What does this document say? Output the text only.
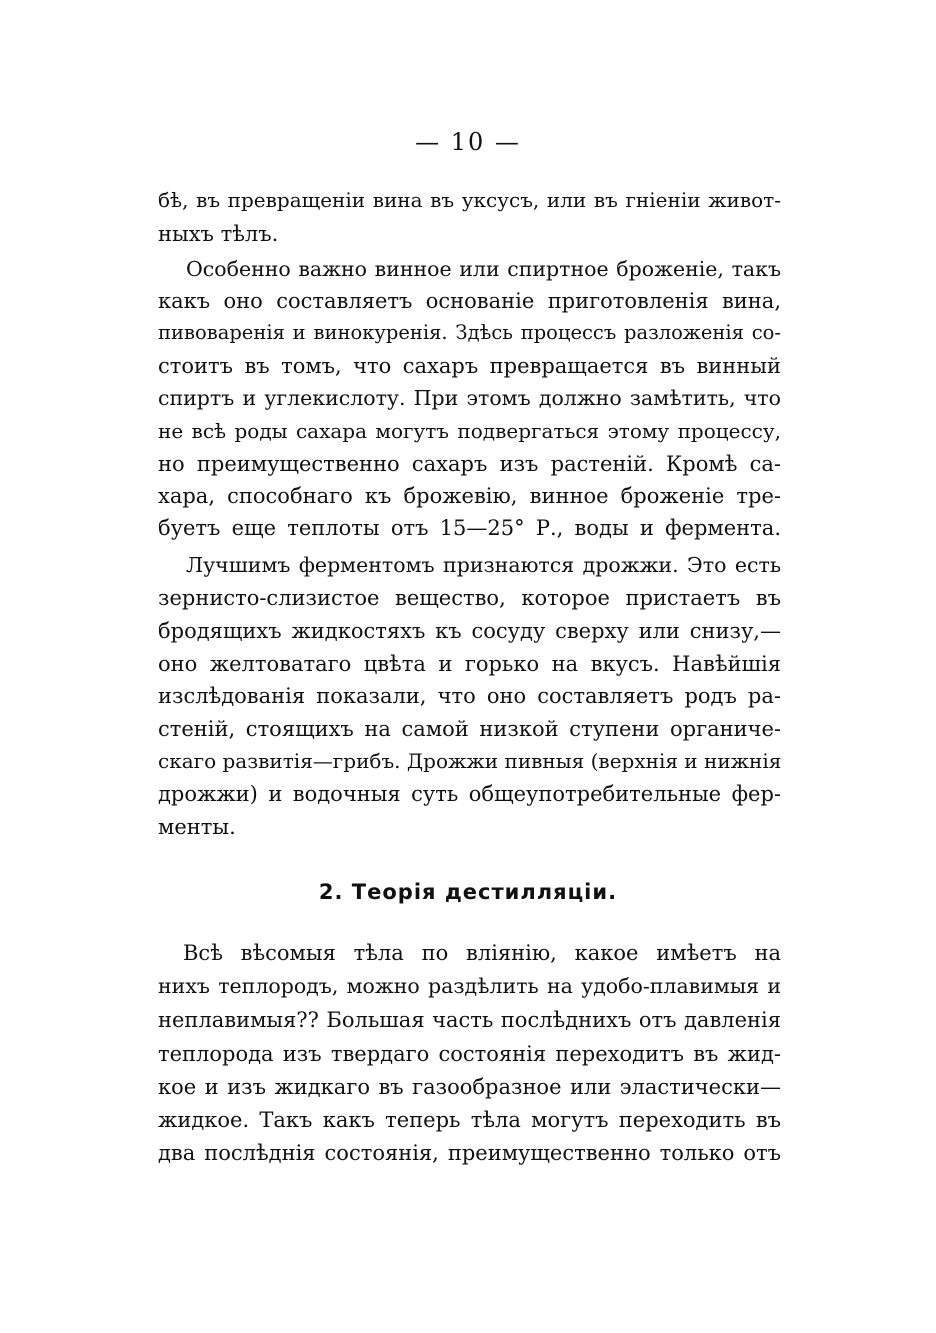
— 10 —
бѣ, въ превращеніи вина въ уксусъ, или въ гніеніи живот-
ныхъ тѣлъ.
Особенно важно винное или спиртное броженіе, такъ
какъ оно составляетъ основаніе приготовленія вина,
пивоваренія и винокуренія. Здѣсь процессъ разложенія со-
стоитъ въ томъ, что сахаръ превращается въ винный
спиртъ и углекислоту. При этомъ должно замѣтить, что
не всѣ роды сахара могутъ подвергаться этому процессу,
но преимущественно сахаръ изъ растеній. Кромѣ са-
хара, способнаго къ брожевію, винное броженіе тре-
буетъ еще теплоты отъ 15—25° Р., воды и фермента.
Лучшимъ ферментомъ признаются дрожжи. Это есть
зернисто-слизистое вещество, которое пристаетъ въ
бродящихъ жидкостяхъ къ сосуду сверху или снизу,—
оно желтоватаго цвѣта и горько на вкусъ. Навѣйшія
изслѣдованія показали, что оно составляетъ родъ ра-
стеній, стоящихъ на самой низкой ступени органиче-
скаго развитія—грибъ. Дрожжи пивныя (верхнія и нижнія
дрожжи) и водочныя суть общеупотребительные фер-
менты.
2. Теорія дестилляціи.
Всѣ вѣсомыя тѣла по вліянію, какое имѣетъ на
нихъ теплородъ, можно раздѣлить на удобо-плавимыя и
неплавимыя?? Большая часть послѣднихъ отъ давленія
теплорода изъ твердаго состоянія переходитъ въ жид-
кое и изъ жидкаго въ газообразное или эластически—
жидкое. Такъ какъ теперь тѣла могутъ переходить въ
два послѣднія состоянія, преимущественно только отъ
